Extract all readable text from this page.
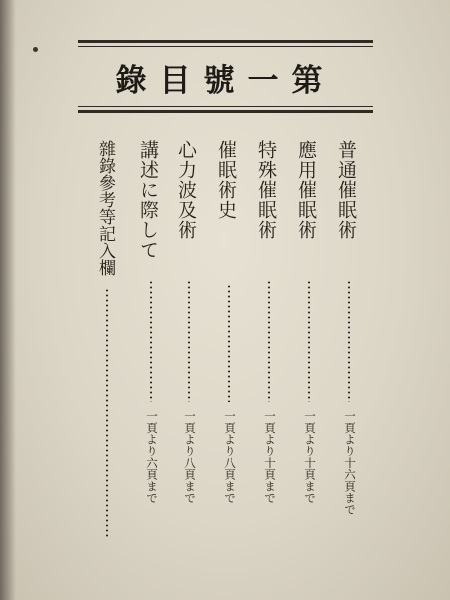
第一號目錄
普通催眠術
一頁より十六頁まで
應用催眠術
一頁より十頁まで
特殊催眠術
一頁より十頁まで
催眠術史
一頁より八頁まで
心力波及術
一頁より八頁まで
講述に際して
一頁より六頁まで
雜錄參考等記入欄
